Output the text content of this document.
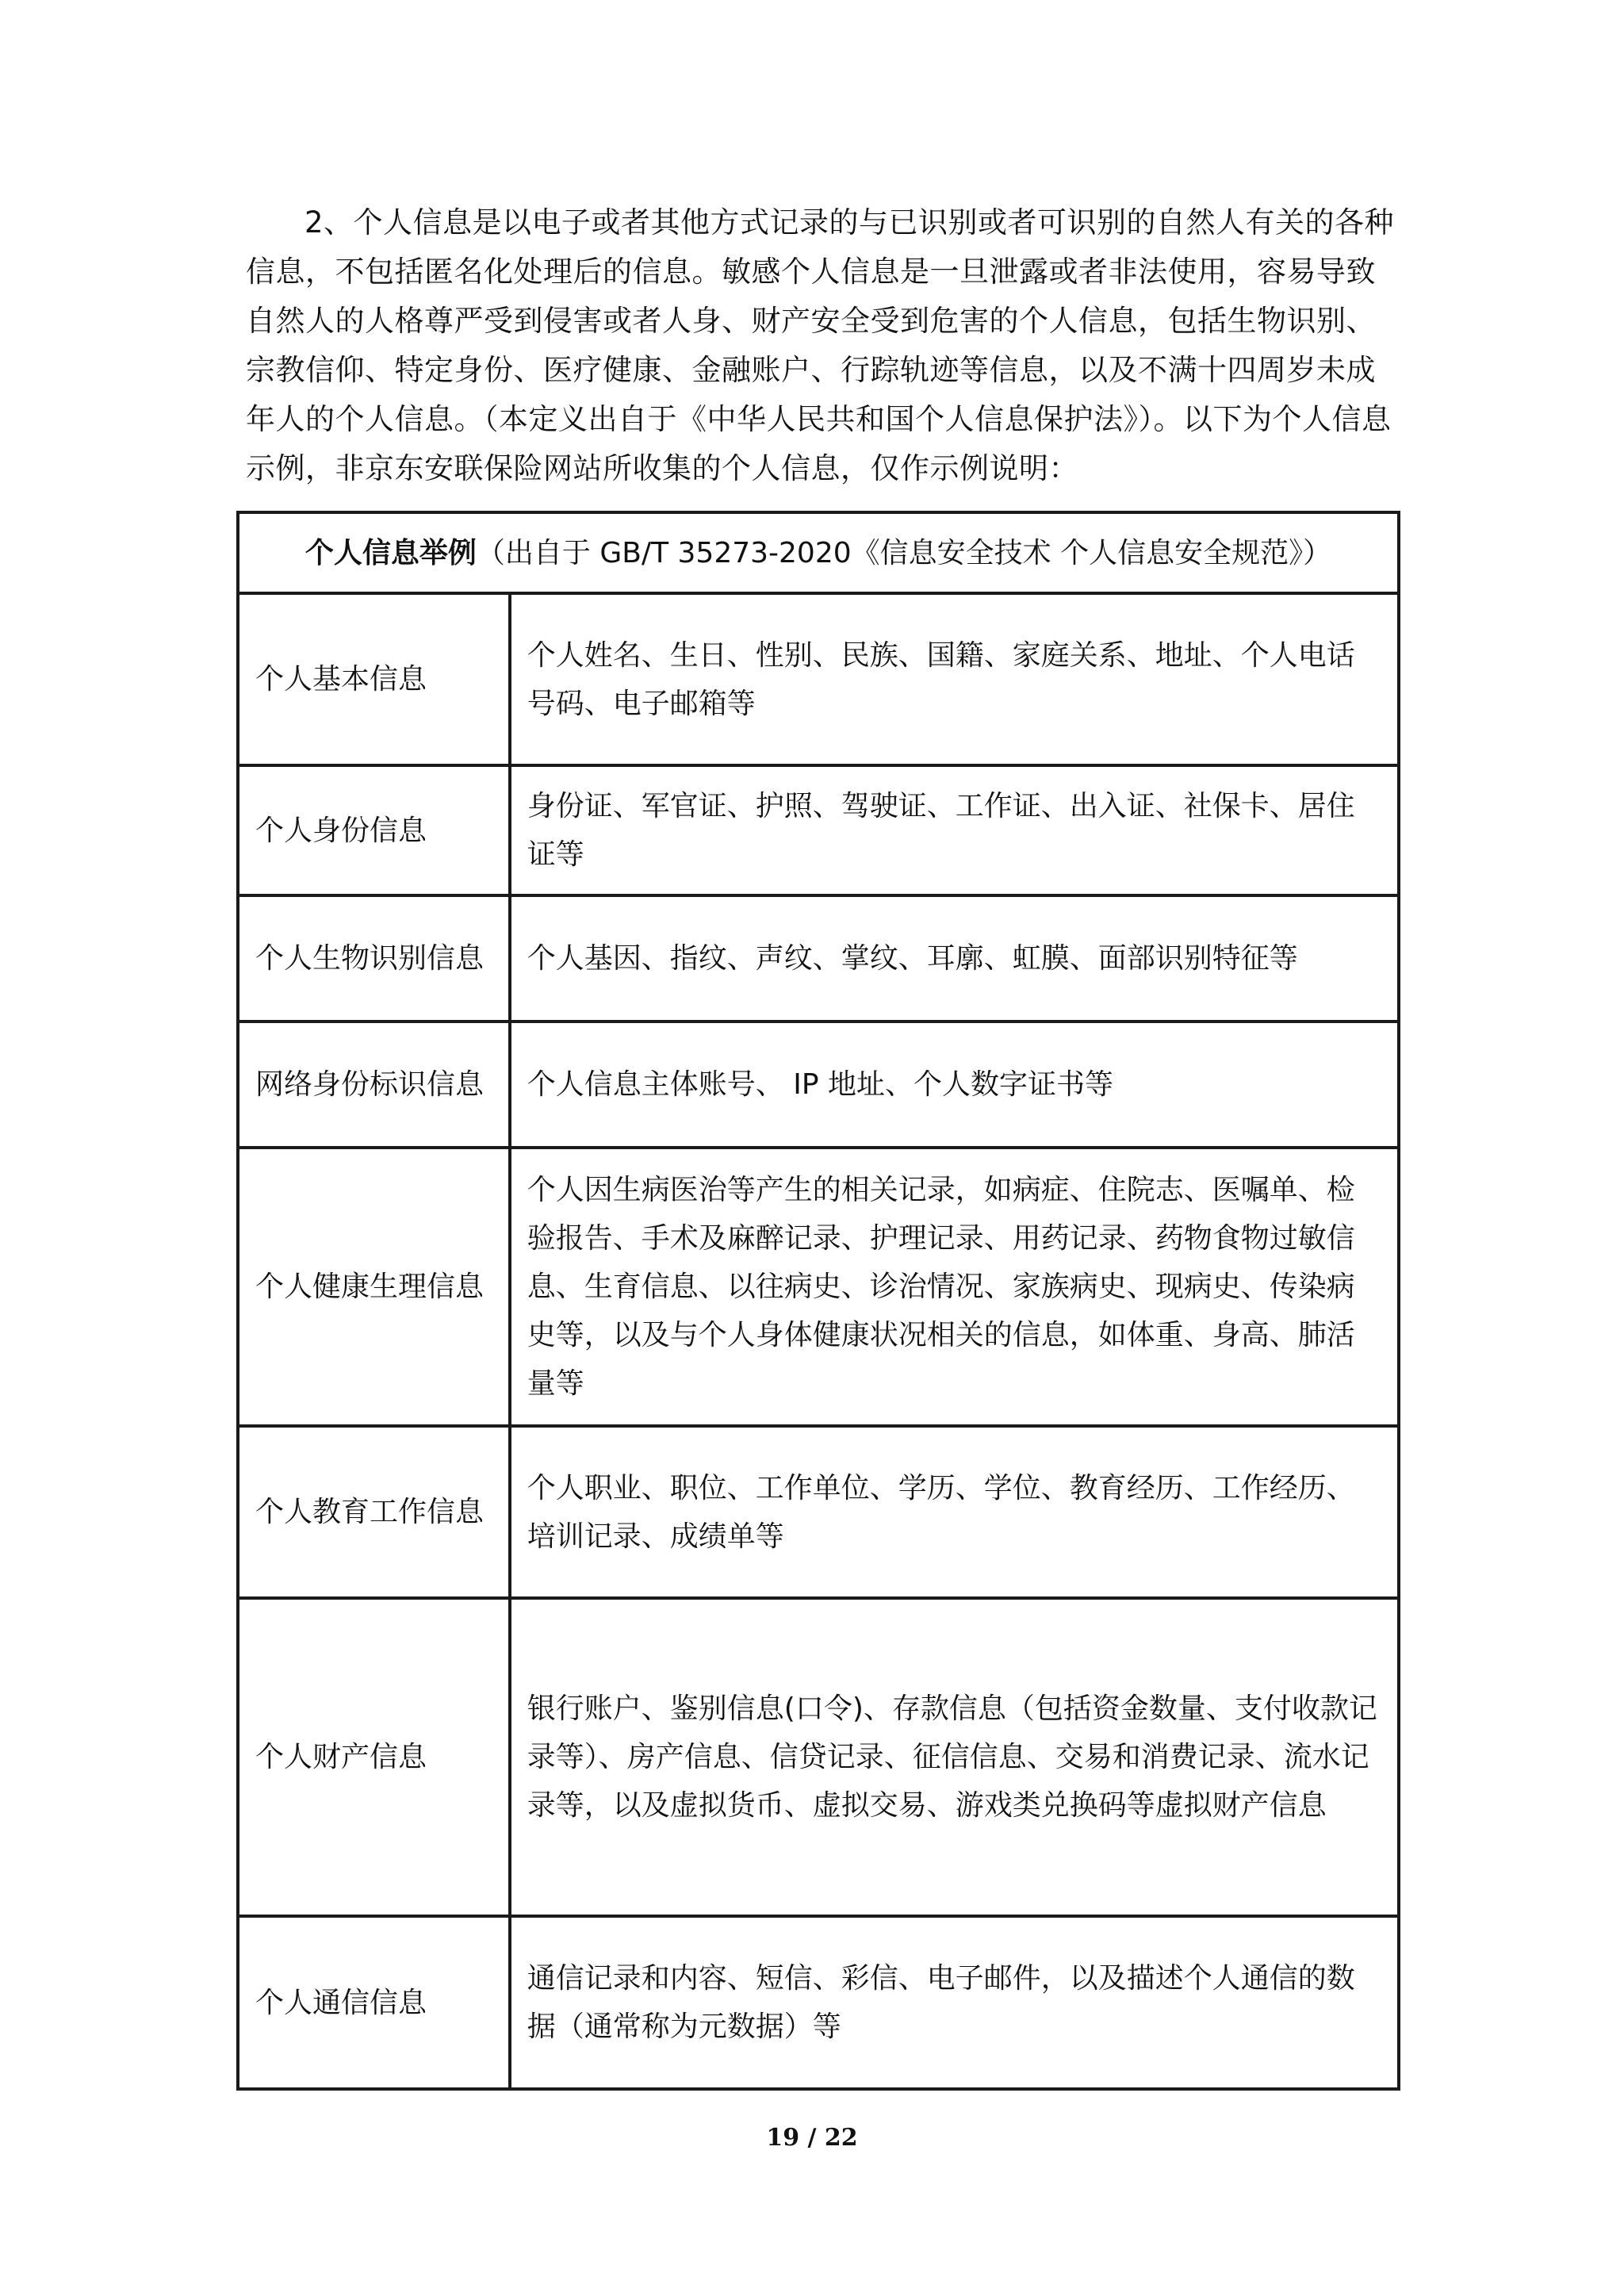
2、个人信息是以电子或者其他方式记录的与已识别或者可识别的自然人有关的各种信息，不包括匿名化处理后的信息。敏感个人信息是一旦泄露或者非法使用，容易导致自然人的人格尊严受到侵害或者人身、财产安全受到危害的个人信息，包括生物识别、宗教信仰、特定身份、医疗健康、金融账户、行踪轨迹等信息，以及不满十四周岁未成年人的个人信息。（本定义出自于《中华人民共和国个人信息保护法》）。以下为个人信息示例，非京东安联保险网站所收集的个人信息，仅作示例说明：

个人信息举例（出自于 GB/T 35273-2020《信息安全技术 个人信息安全规范》）	
个人基本信息	个人姓名、生日、性别、民族、国籍、家庭关系、地址、个人电话号码、电子邮箱等
个人身份信息	身份证、军官证、护照、驾驶证、工作证、出入证、社保卡、居住证等
个人生物识别信息	个人基因、指纹、声纹、掌纹、耳廓、虹膜、面部识别特征等
网络身份标识信息	个人信息主体账号、 IP 地址、个人数字证书等
个人健康生理信息	个人因生病医治等产生的相关记录，如病症、住院志、医嘱单、检验报告、手术及麻醉记录、护理记录、用药记录、药物食物过敏信息、生育信息、以往病史、诊治情况、家族病史、现病史、传染病史等，以及与个人身体健康状况相关的信息，如体重、身高、肺活量等
个人教育工作信息	个人职业、职位、工作单位、学历、学位、教育经历、工作经历、培训记录、成绩单等
个人财产信息	银行账户、鉴别信息(口令)、存款信息（包括资金数量、支付收款记录等）、房产信息、信贷记录、征信信息、交易和消费记录、流水记录等，以及虚拟货币、虚拟交易、游戏类兑换码等虚拟财产信息
个人通信信息	通信记录和内容、短信、彩信、电子邮件，以及描述个人通信的数据（通常称为元数据）等
19 / 22
